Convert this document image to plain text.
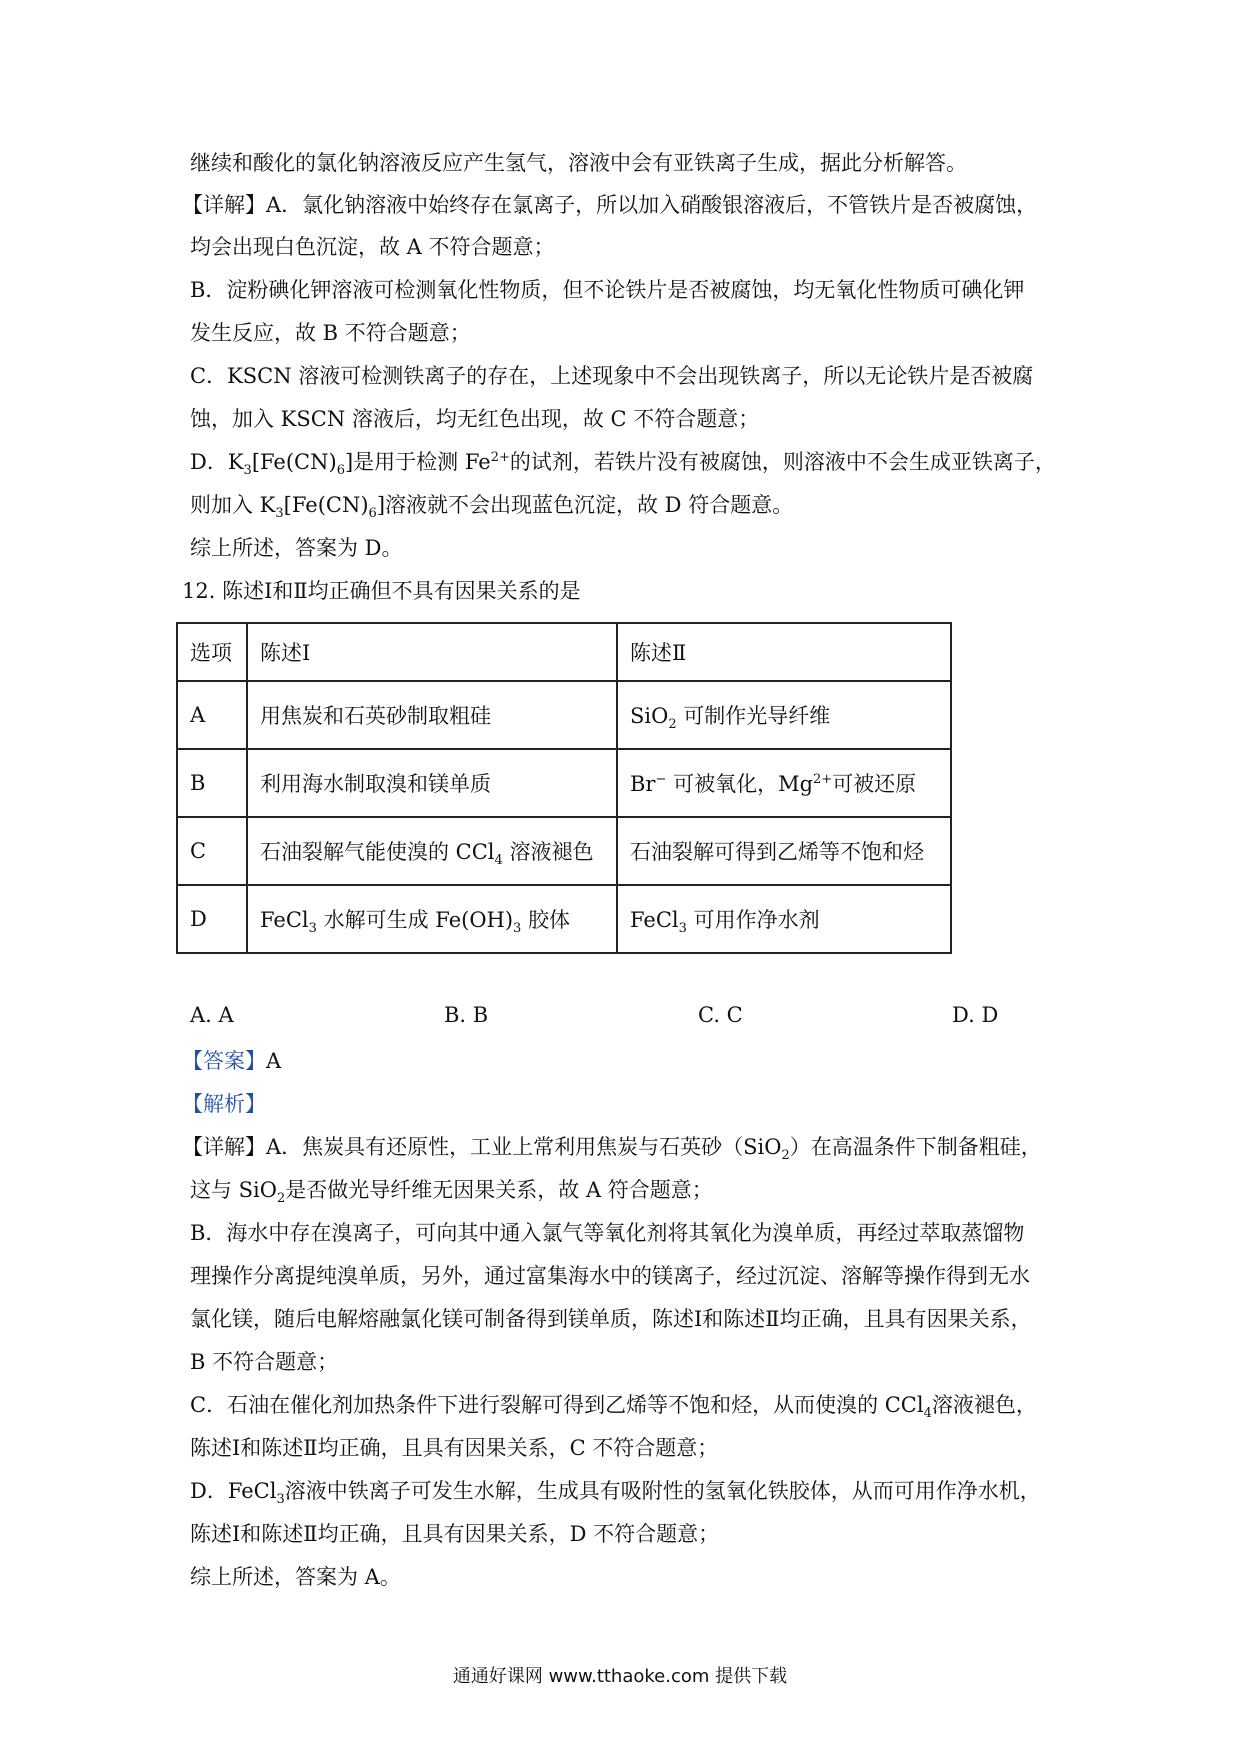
继续和酸化的氯化钠溶液反应产生氢气，溶液中会有亚铁离子生成，据此分析解答。
【详解】A．氯化钠溶液中始终存在氯离子，所以加入硝酸银溶液后，不管铁片是否被腐蚀，
均会出现白色沉淀，故 A 不符合题意；
B．淀粉碘化钾溶液可检测氧化性物质，但不论铁片是否被腐蚀，均无氧化性物质可碘化钾
发生反应，故 B 不符合题意；
C．KSCN 溶液可检测铁离子的存在，上述现象中不会出现铁离子，所以无论铁片是否被腐
蚀，加入 KSCN 溶液后，均无红色出现，故 C 不符合题意；
D．$K_3[Fe(CN)_6]$是用于检测 $Fe^{2+}$的试剂，若铁片没有被腐蚀，则溶液中不会生成亚铁离子，
则加入 $K_3[Fe(CN)_6]$溶液就不会出现蓝色沉淀，故 D 符合题意。
综上所述，答案为 D。
12. 陈述Ⅰ和Ⅱ均正确但不具有因果关系的是
选项	陈述Ⅰ	陈述Ⅱ
A	用焦炭和石英砂制取粗硅	SiO$_2$ 可制作光导纤维
B	利用海水制取溴和镁单质	Br− 可被氧化，$Mg^{2+}$可被还原
C	石油裂解气能使溴的 CCl$_4$ 溶液褪色	石油裂解可得到乙烯等不饱和烃
D	FeCl$_3$ 水解可生成 $Fe(OH)_3$ 胶体	FeCl$_3$ 可用作净水剂
A. A	B. B	C. C	D. D
【答案】A
【解析】
【详解】A．焦炭具有还原性，工业上常利用焦炭与石英砂（SiO$_2$）在高温条件下制备粗硅，
这与 SiO$_2$是否做光导纤维无因果关系，故 A 符合题意；
B．海水中存在溴离子，可向其中通入氯气等氧化剂将其氧化为溴单质，再经过萃取蒸馏物
理操作分离提纯溴单质，另外，通过富集海水中的镁离子，经过沉淀、溶解等操作得到无水
氯化镁，随后电解熔融氯化镁可制备得到镁单质，陈述Ⅰ和陈述Ⅱ均正确，且具有因果关系，
B 不符合题意；
C．石油在催化剂加热条件下进行裂解可得到乙烯等不饱和烃，从而使溴的 CCl$_4$溶液褪色，
陈述Ⅰ和陈述Ⅱ均正确，且具有因果关系，C 不符合题意；
D．FeCl$_3$溶液中铁离子可发生水解，生成具有吸附性的氢氧化铁胶体，从而可用作净水机，
陈述Ⅰ和陈述Ⅱ均正确，且具有因果关系，D 不符合题意；
综上所述，答案为 A。
通通好课网 www.tthaoke.com 提供下载
